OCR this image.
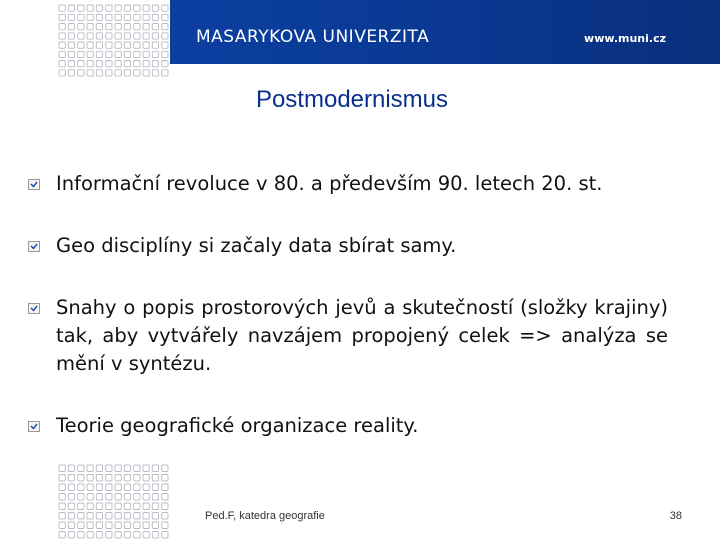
MASARYKOVA UNIVERZITA	www.muni.cz
Postmodernismus
Informační revoluce v 80. a především 90. letech 20. st.
Geo disciplíny si začaly data sbírat samy.
Snahy o popis prostorových jevů a skutečností (složky krajiny) tak, aby vytvářely navzájem propojený celek => analýza se mění v syntézu.
Teorie geografické organizace reality.
Ped.F, katedra geografie	38
